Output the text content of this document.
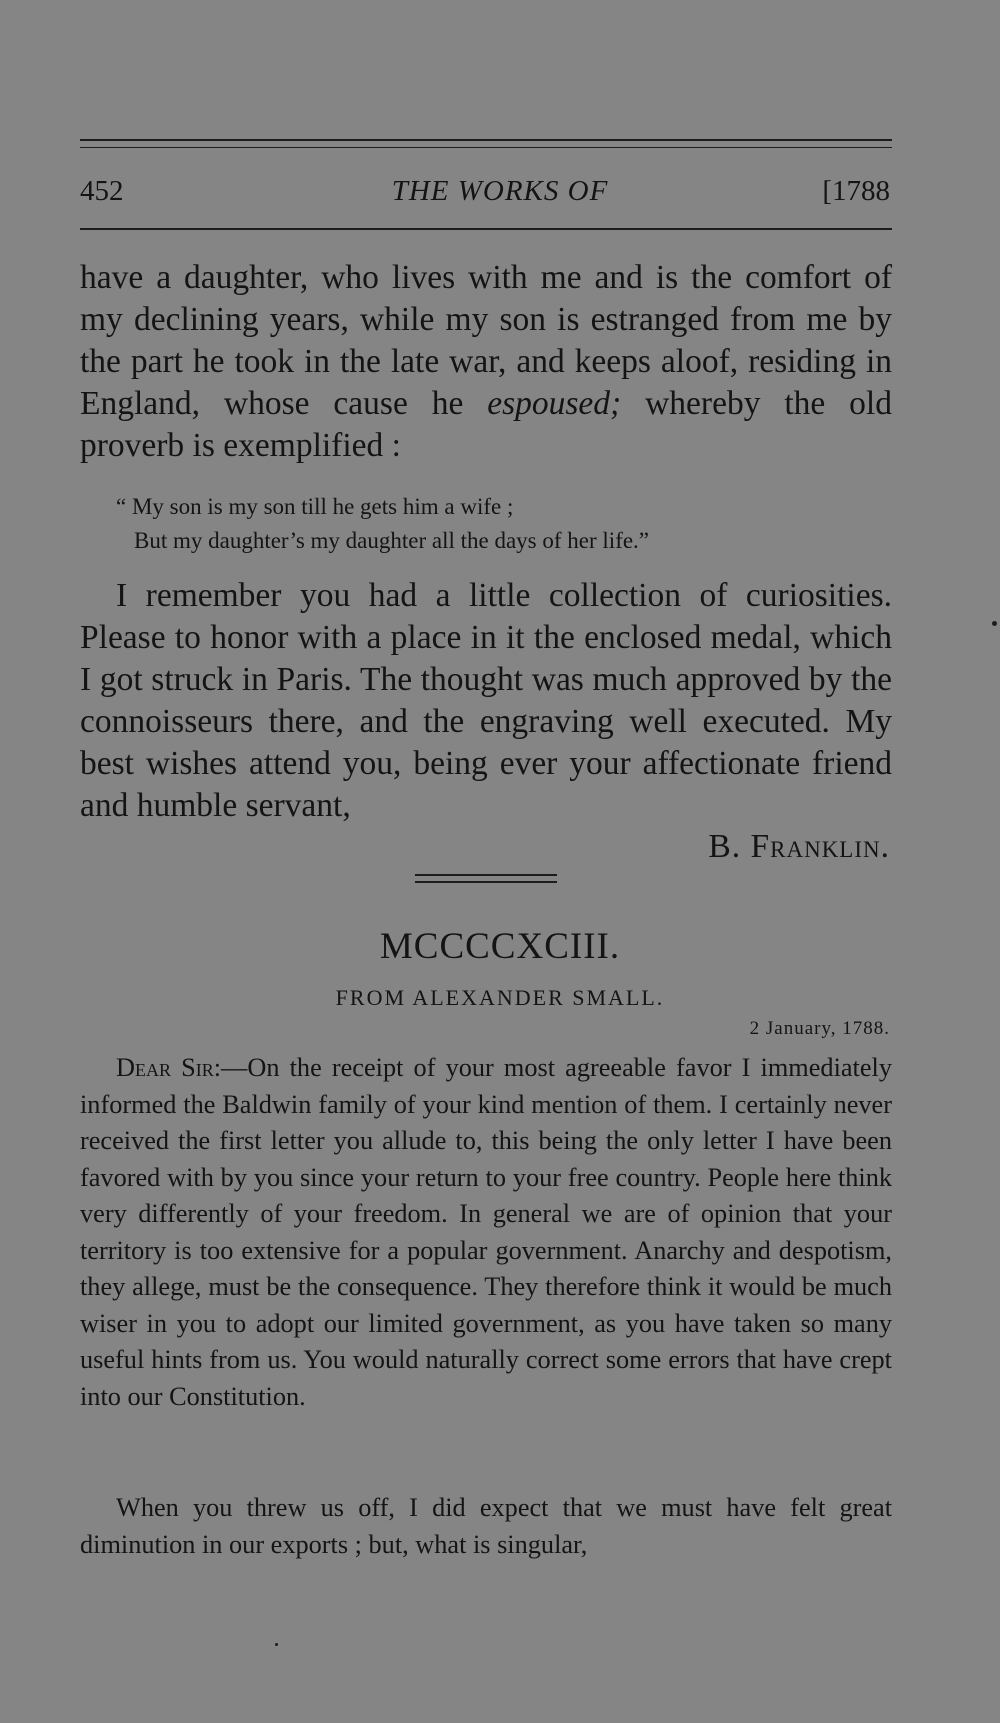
452	THE WORKS OF	[1788

have a daughter, who lives with me and is the comfort of my declining years, while my son is estranged from me by the part he took in the late war, and keeps aloof, residing in England, whose cause he espoused; whereby the old proverb is exemplified :

“ My son is my son till he gets him a wife ;
But my daughter’s my daughter all the days of her life.”

I remember you had a little collection of curiosities. Please to honor with a place in it the enclosed medal, which I got struck in Paris. The thought was much approved by the connoisseurs there, and the engraving well executed. My best wishes attend you, being ever your affectionate friend and humble servant,

B. Franklin.
MCCCCXCIII.
FROM ALEXANDER SMALL.
2 January, 1788.

Dear Sir:—On the receipt of your most agreeable favor I immediately informed the Baldwin family of your kind mention of them. I certainly never received the first letter you allude to, this being the only letter I have been favored with by you since your return to your free country. People here think very differently of your freedom. In general we are of opinion that your territory is too extensive for a popular government. Anarchy and despotism, they allege, must be the consequence. They therefore think it would be much wiser in you to adopt our limited government, as you have taken so many useful hints from us. You would naturally correct some errors that have crept into our Constitution.

When you threw us off, I did expect that we must have felt great diminution in our exports ; but, what is singular,
